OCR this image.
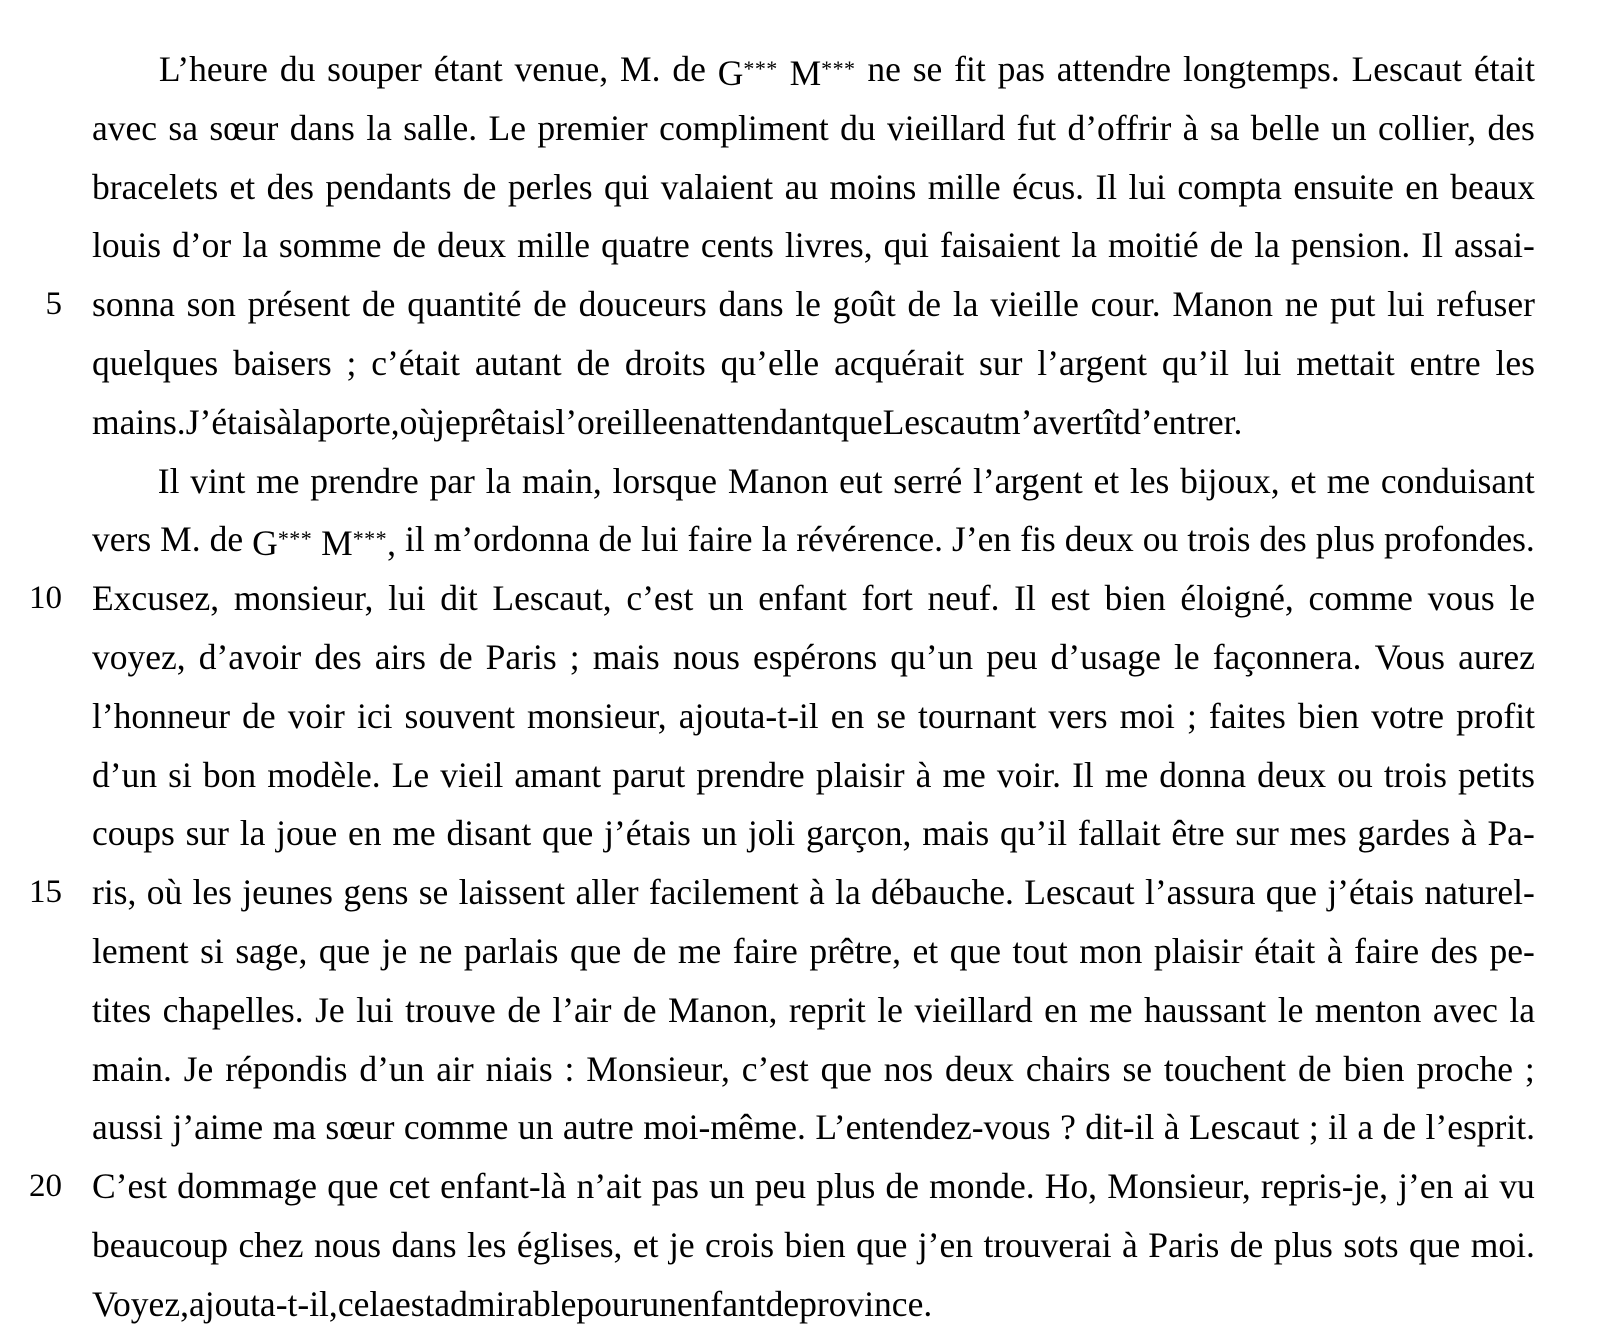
L’heure du souper étant venue, M. de G*** M*** ne se fit pas attendre longtemps. Lescaut était
avec sa sœur dans la salle. Le premier compliment du vieillard fut d’offrir à sa belle un collier, des
bracelets et des pendants de perles qui valaient au moins mille écus. Il lui compta ensuite en beaux
louis d’or la somme de deux mille quatre cents livres, qui faisaient la moitié de la pension. Il assai-
sonna son présent de quantité de douceurs dans le goût de la vieille cour. Manon ne put lui refuser
quelques baisers ; c’était autant de droits qu’elle acquérait sur l’argent qu’il lui mettait entre les
mains. J’étais à la porte, où je prêtais l’oreille en attendant que Lescaut m’avertît d’entrer.
Il vint me prendre par la main, lorsque Manon eut serré l’argent et les bijoux, et me conduisant
vers M. de G*** M***, il m’ordonna de lui faire la révérence. J’en fis deux ou trois des plus profondes.
Excusez, monsieur, lui dit Lescaut, c’est un enfant fort neuf. Il est bien éloigné, comme vous le
voyez, d’avoir des airs de Paris ; mais nous espérons qu’un peu d’usage le façonnera. Vous aurez
l’honneur de voir ici souvent monsieur, ajouta-t-il en se tournant vers moi ; faites bien votre profit
d’un si bon modèle. Le vieil amant parut prendre plaisir à me voir. Il me donna deux ou trois petits
coups sur la joue en me disant que j’étais un joli garçon, mais qu’il fallait être sur mes gardes à Pa-
ris, où les jeunes gens se laissent aller facilement à la débauche. Lescaut l’assura que j’étais naturel-
lement si sage, que je ne parlais que de me faire prêtre, et que tout mon plaisir était à faire des pe-
tites chapelles. Je lui trouve de l’air de Manon, reprit le vieillard en me haussant le menton avec la
main. Je répondis d’un air niais : Monsieur, c’est que nos deux chairs se touchent de bien proche ;
aussi j’aime ma sœur comme un autre moi-même. L’entendez-vous ? dit-il à Lescaut ; il a de l’esprit.
C’est dommage que cet enfant-là n’ait pas un peu plus de monde. Ho, Monsieur, repris-je, j’en ai vu
beaucoup chez nous dans les églises, et je crois bien que j’en trouverai à Paris de plus sots que moi.
Voyez, ajouta-t-il, cela est admirable pour un enfant de province.
5
10
15
20
